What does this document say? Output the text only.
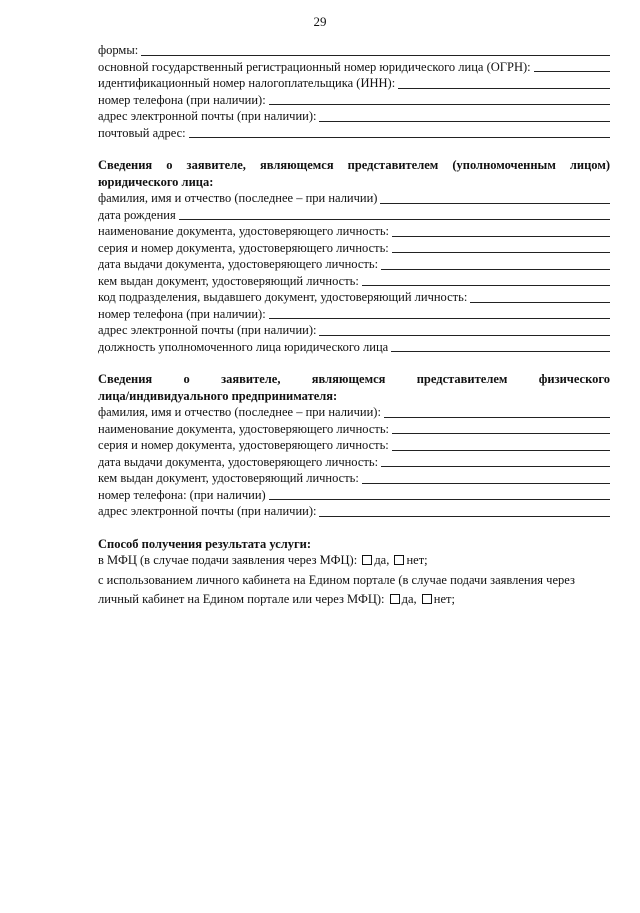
29
формы:
основной государственный регистрационный номер юридического лица (ОГРН):
идентификационный номер налогоплательщика (ИНН):
номер телефона (при наличии):
адрес электронной почты (при наличии):
почтовый адрес:
Сведения о заявителе, являющемся представителем (уполномоченным лицом)
юридического лица:
фамилия, имя и отчество (последнее – при наличии)
дата рождения
наименование документа, удостоверяющего личность:
серия и номер документа, удостоверяющего личность:
дата выдачи документа, удостоверяющего личность:
кем выдан документ, удостоверяющий личность:
код подразделения, выдавшего документ, удостоверяющий личность:
номер телефона (при наличии):
адрес электронной почты (при наличии):
должность уполномоченного лица юридического лица
Сведения о заявителе, являющемся представителем физического
лица/индивидуального предпринимателя:
фамилия, имя и отчество (последнее – при наличии):
наименование документа, удостоверяющего личность:
серия и номер документа, удостоверяющего личность:
дата выдачи документа, удостоверяющего личность:
кем выдан документ, удостоверяющий личность:
номер телефона: (при наличии)
адрес электронной почты (при наличии):
Способ получения результата услуги:
в МФЦ (в случае подачи заявления через МФЦ): да, нет;
с использованием личного кабинета на Едином портале (в случае подачи заявления через
личный кабинет на Едином портале или через МФЦ): да, нет;
